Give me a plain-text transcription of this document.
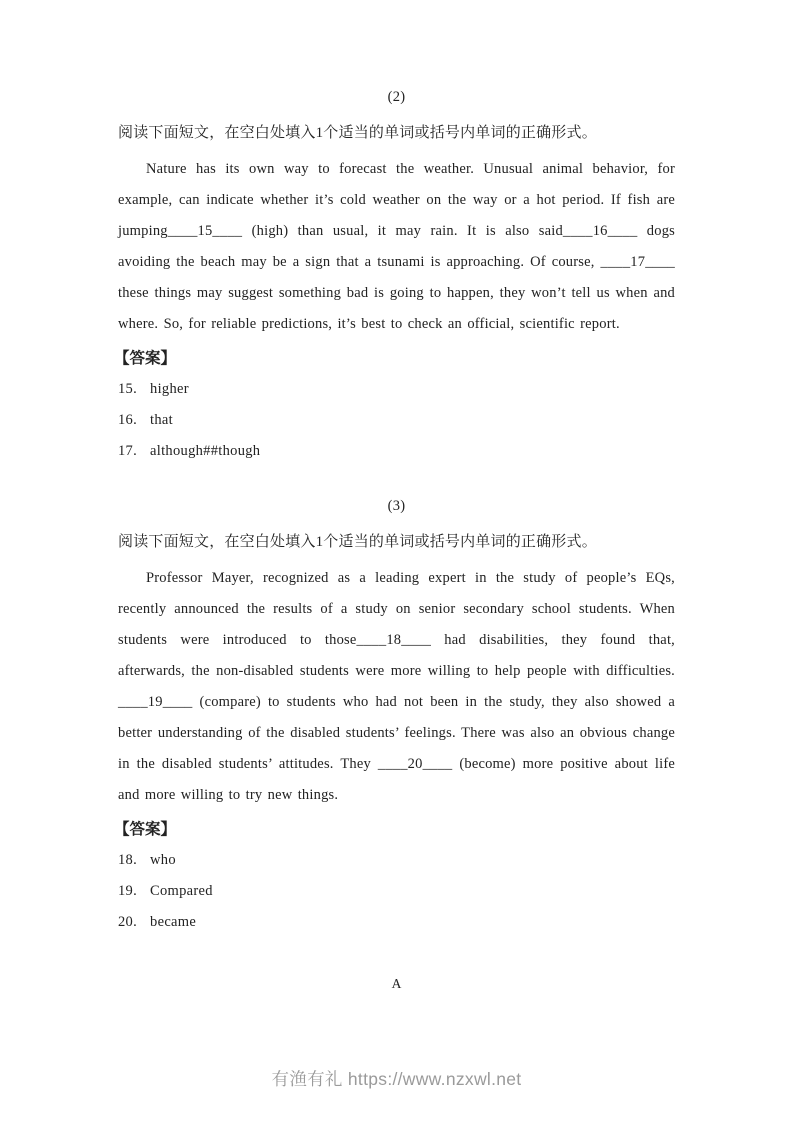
(2)
阅读下面短文，在空白处填入1个适当的单词或括号内单词的正确形式。
Nature has its own way to forecast the weather. Unusual animal behavior, for example, can indicate whether it’s cold weather on the way or a hot period. If fish are jumping____15____ (high) than usual, it may rain. It is also said____16____ dogs avoiding the beach may be a sign that a tsunami is approaching. Of course, ____17____ these things may suggest something bad is going to happen, they won’t tell us when and where. So, for reliable predictions, it’s best to check an official, scientific report.
【答案】
15. higher
16. that
17. although##though
(3)
阅读下面短文，在空白处填入1个适当的单词或括号内单词的正确形式。
Professor Mayer, recognized as a leading expert in the study of people’s EQs, recently announced the results of a study on senior secondary school students. When students were introduced to those____18____ had disabilities, they found that, afterwards, the non-disabled students were more willing to help people with difficulties. ____19____ (compare) to students who had not been in the study, they also showed a better understanding of the disabled students’ feelings. There was also an obvious change in the disabled students’ attitudes. They ____20____ (become) more positive about life and more willing to try new things.
【答案】
18. who
19. Compared
20. became
A
有渔有礼 https://www.nzxwl.net
